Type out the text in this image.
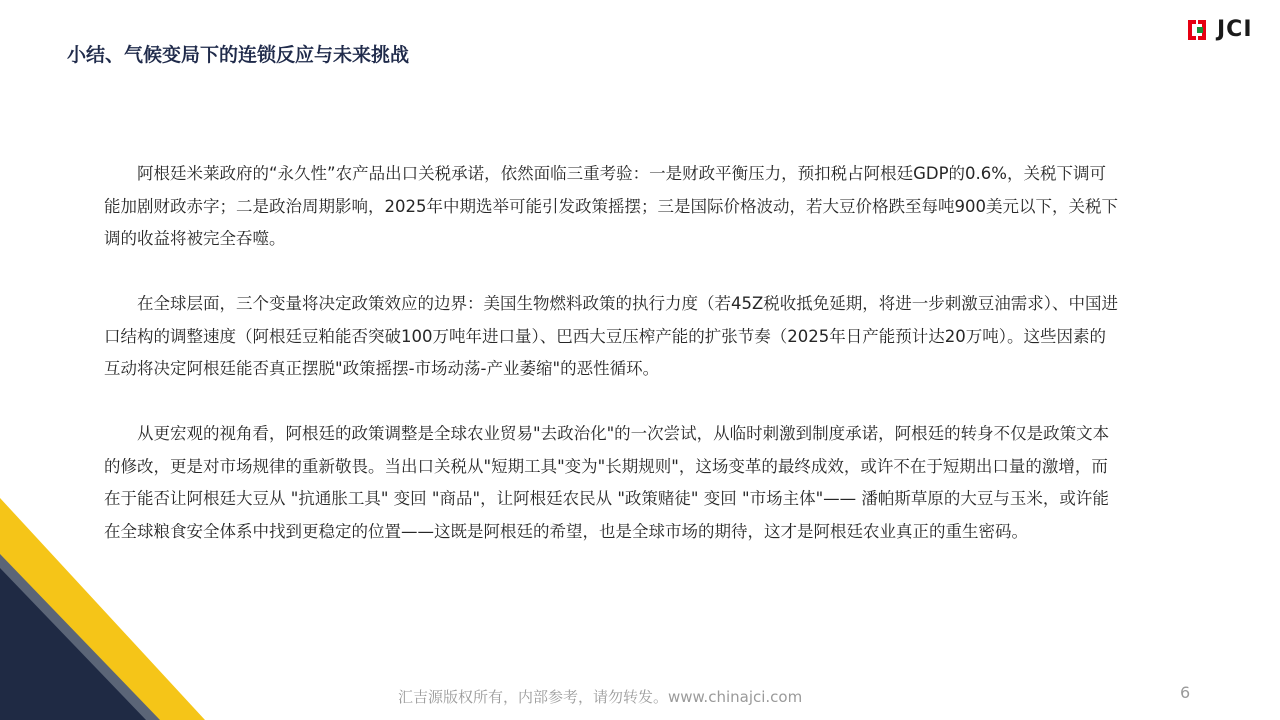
小结、气候变局下的连锁反应与未来挑战
JCI

阿根廷米莱政府的“永久性”农产品出口关税承诺，依然面临三重考验：一是财政平衡压力，预扣税占阿根廷GDP的0.6%，关税下调可能加剧财政赤字；二是政治周期影响，2025年中期选举可能引发政策摇摆；三是国际价格波动，若大豆价格跌至每吨900美元以下，关税下调的收益将被完全吞噬。

在全球层面，三个变量将决定政策效应的边界：美国生物燃料政策的执行力度（若45Z税收抵免延期，将进一步刺激豆油需求）、中国进口结构的调整速度（阿根廷豆粕能否突破100万吨年进口量）、巴西大豆压榨产能的扩张节奏（2025年日产能预计达20万吨）。这些因素的互动将决定阿根廷能否真正摆脱"政策摇摆-市场动荡-产业萎缩"的恶性循环。

从更宏观的视角看，阿根廷的政策调整是全球农业贸易"去政治化"的一次尝试，从临时刺激到制度承诺，阿根廷的转身不仅是政策文本的修改，更是对市场规律的重新敬畏。当出口关税从"短期工具"变为"长期规则"，这场变革的最终成效，或许不在于短期出口量的激增，而在于能否让阿根廷大豆从 "抗通胀工具" 变回 "商品"，让阿根廷农民从 "政策赌徒" 变回 "市场主体"—— 潘帕斯草原的大豆与玉米，或许能在全球粮食安全体系中找到更稳定的位置——这既是阿根廷的希望，也是全球市场的期待，这才是阿根廷农业真正的重生密码。

汇吉源版权所有，内部参考，请勿转发。www.chinajci.com	6
